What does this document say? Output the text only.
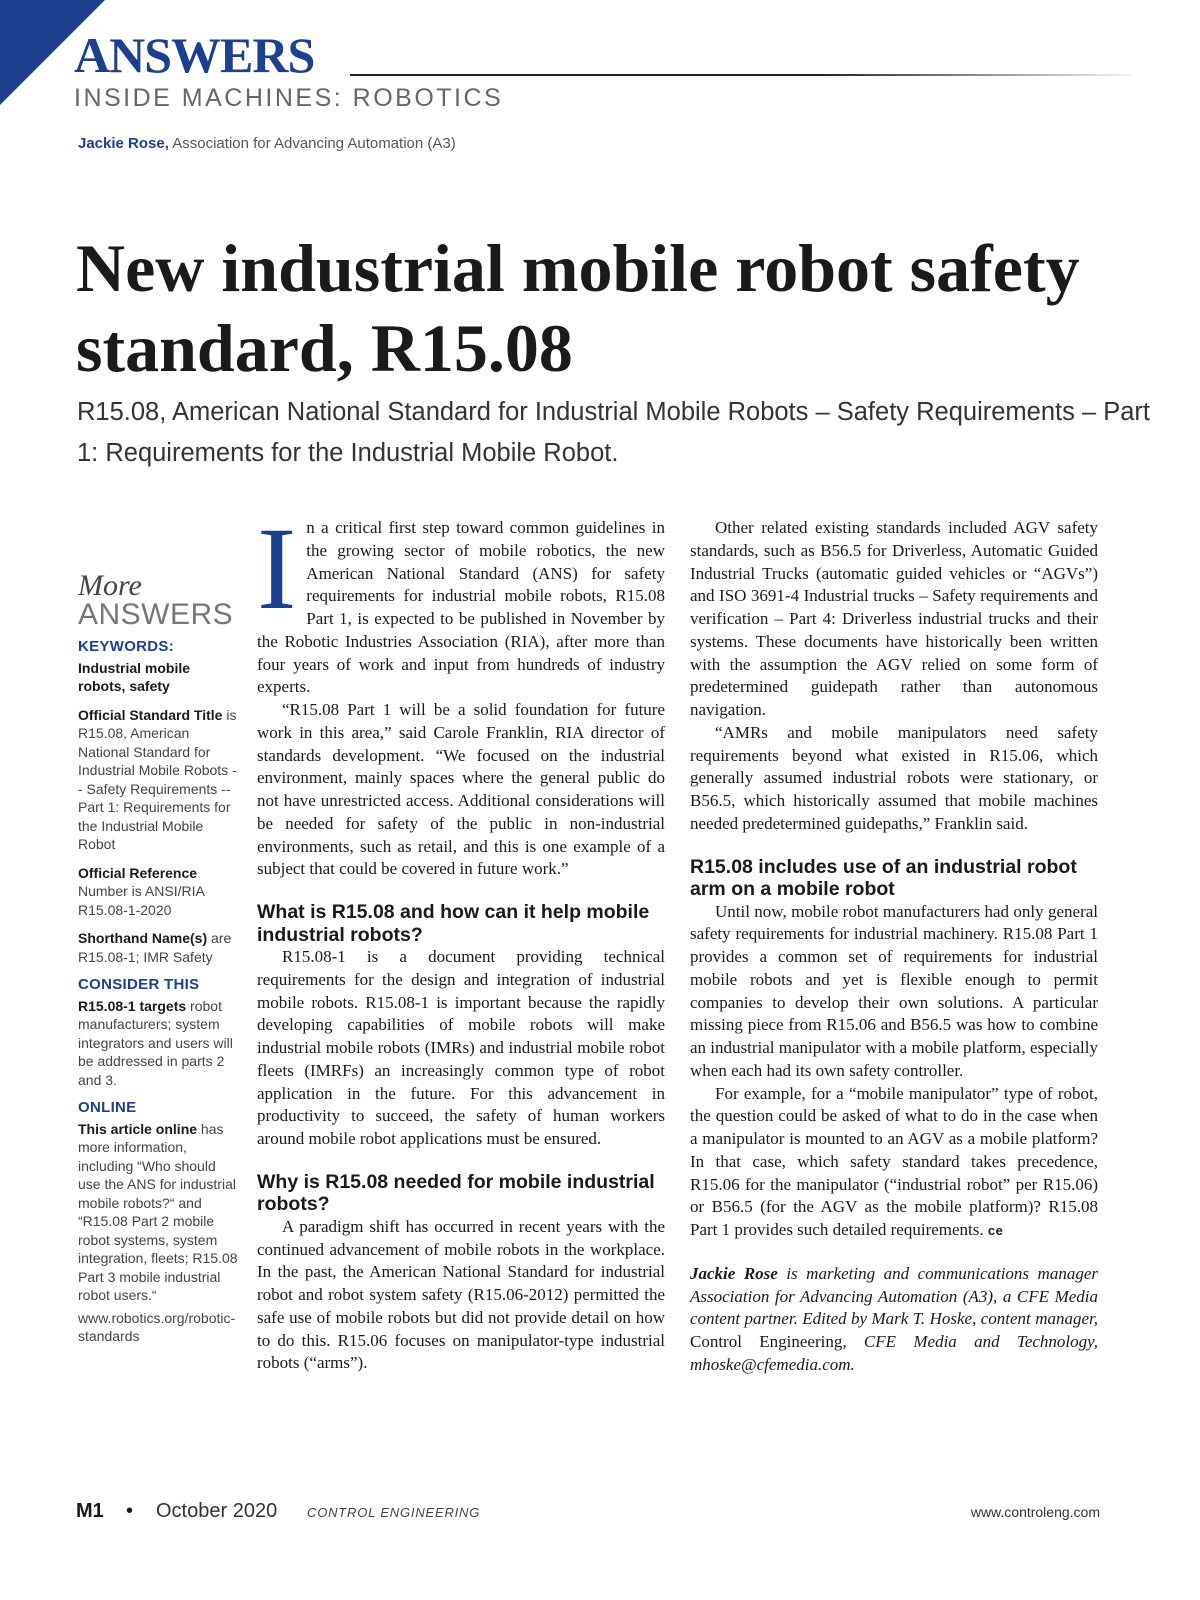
ANSWERS
INSIDE MACHINES: ROBOTICS
Jackie Rose, Association for Advancing Automation (A3)
New industrial mobile robot safety standard, R15.08

R15.08, American National Standard for Industrial Mobile Robots – Safety Requirements – Part 1: Requirements for the Industrial Mobile Robot.

More
ANSWERS
KEYWORDS:
Industrial mobile robots, safety
Official Standard Title is R15.08, American National Standard for Industrial Mobile Robots -- Safety Requirements -- Part 1: Requirements for the Industrial Mobile Robot
Official Reference Number is ANSI/RIA R15.08-1-2020
Shorthand Name(s) are R15.08-1; IMR Safety
CONSIDER THIS
R15.08-1 targets robot manufacturers; system integrators and users will be addressed in parts 2 and 3.
ONLINE
This article online has more information, including “Who should use the ANS for industrial mobile robots?“ and “R15.08 Part 2 mobile robot systems, system integration, fleets; R15.08 Part 3 mobile industrial robot users.“
www.robotics.org/robotic-standards

In a critical first step toward common guidelines in the growing sector of mobile robotics, the new American National Standard (ANS) for safety requirements for industrial mobile robots, R15.08 Part 1, is expected to be published in November by the Robotic Industries Association (RIA), after more than four years of work and input from hundreds of industry experts.

“R15.08 Part 1 will be a solid foundation for future work in this area,” said Carole Franklin, RIA director of standards development. “We focused on the industrial environment, mainly spaces where the general public do not have unrestricted access. Additional considerations will be needed for safety of the public in non-industrial environments, such as retail, and this is one example of a subject that could be covered in future work.”

What is R15.08 and how can it help mobile industrial robots?

R15.08-1 is a document providing technical requirements for the design and integration of industrial mobile robots. R15.08-1 is important because the rapidly developing capabilities of mobile robots will make industrial mobile robots (IMRs) and industrial mobile robot fleets (IMRFs) an increasingly common type of robot application in the future. For this advancement in productivity to succeed, the safety of human workers around mobile robot applications must be ensured.

Why is R15.08 needed for mobile industrial robots?

A paradigm shift has occurred in recent years with the continued advancement of mobile robots in the workplace. In the past, the American National Standard for industrial robot and robot system safety (R15.06-2012) permitted the safe use of mobile robots but did not provide detail on how to do this. R15.06 focuses on manipulator-type industrial robots (“arms”).

Other related existing standards included AGV safety standards, such as B56.5 for Driverless, Automatic Guided Industrial Trucks (automatic guided vehicles or “AGVs”) and ISO 3691-4 Industrial trucks – Safety requirements and verification – Part 4: Driverless industrial trucks and their systems. These documents have historically been written with the assumption the AGV relied on some form of predetermined guidepath rather than autonomous navigation.

“AMRs and mobile manipulators need safety requirements beyond what existed in R15.06, which generally assumed industrial robots were stationary, or B56.5, which historically assumed that mobile machines needed predetermined guidepaths,” Franklin said.

R15.08 includes use of an industrial robot arm on a mobile robot

Until now, mobile robot manufacturers had only general safety requirements for industrial machinery. R15.08 Part 1 provides a common set of requirements for industrial mobile robots and yet is flexible enough to permit companies to develop their own solutions. A particular missing piece from R15.06 and B56.5 was how to combine an industrial manipulator with a mobile platform, especially when each had its own safety controller.

For example, for a “mobile manipulator” type of robot, the question could be asked of what to do in the case when a manipulator is mounted to an AGV as a mobile platform? In that case, which safety standard takes precedence, R15.06 for the manipulator (“industrial robot” per R15.06) or B56.5 (for the AGV as the mobile platform)? R15.08 Part 1 provides such detailed requirements. ce

Jackie Rose is marketing and communications manager Association for Advancing Automation (A3), a CFE Media content partner. Edited by Mark T. Hoske, content manager, Control Engineering, CFE Media and Technology, mhoske@cfemedia.com.

M1 • October 2020 CONTROL ENGINEERING	www.controleng.com
